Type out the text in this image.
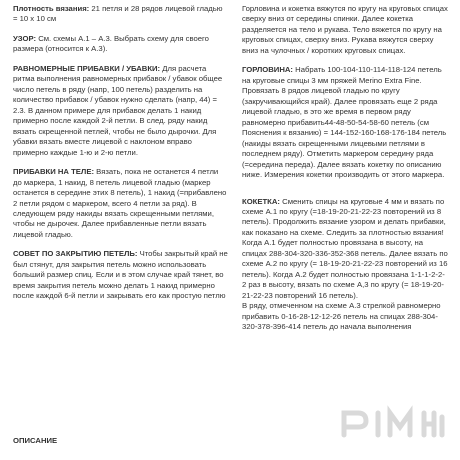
Плотность вязания: 21 петля и 28 рядов лицевой гладью = 10 х 10 см

УЗОР: См. схемы А.1 – А.3. Выбрать схему для своего размера (относится к А.3).

РАВНОМЕРНЫЕ ПРИБАВКИ / УБАВКИ: Для расчета ритма выполнения равномерных прибавок / убавок общее число петель в ряду (напр, 100 петель) разделить на количество прибавок / убавок нужно сделать (напр, 44) = 2.3. В данном примере для прибавок делать 1 накид примерно после каждой 2-й петли. В след. ряду накид вязать скрещенной петлей, чтобы не было дырочки. Для убавки вязать вместе лицевой с наклоном вправо примерно каждые 1-ю и 2-ю петли.

ПРИБАВКИ НА ТЕЛЕ: Вязать, пока не останется 4 петли до маркера, 1 накид, 8 петель лицевой гладью (маркер останется в середине этих 8 петель), 1 накид (=прибавлено 2 петли рядом с маркером, всего 4 петли за ряд). В следующем ряду накиды вязать скрещенными петлями, чтобы не дырочек. Далее прибавленные петли вязать лицевой гладью.

СОВЕТ ПО ЗАКРЫТИЮ ПЕТЕЛЬ: Чтобы закрытый край не был стянут, для закрытия петель можно использовать больший размер спиц. Если и в этом случае край тянет, во время закрытия петель можно делать 1 накид примерно после каждой 6-й петли и закрывать его как простую петлю

ОПИСАНИЕ

Горловина и кокетка вяжутся по кругу на круговых спицах сверху вниз от середины спинки. Далее кокетка разделяется на тело и рукава. Тело вяжется по кругу на круговых спицах, сверху вниз. Рукава вяжутся сверху вниз на чулочных / коротких круговых спицах.

ГОРЛОВИНА: Набрать 100-104-110-114-118-124 петель на круговые спицы 3 мм пряжей Merino Extra Fine. Провязать 8 рядов лицевой гладью по кругу (закручивающийся край). Далее провязать еще 2 ряда лицевой гладью, в это же время в первом ряду равномерно прибавить44-48-50-54-58-60 петель (см Пояснения к вязанию) = 144-152-160-168-176-184 петель (накиды вязать скрещенными лицевыми петлями в последнем ряду). Отметить маркером середину ряда (=середина переда). Далее вязать кокетку по описанию ниже. Измерения кокетки производить от этого маркера.

КОКЕТКА: Сменить спицы на круговые 4 мм и вязать по схеме А.1 по кругу (=18-19-20-21-22-23 повторений из 8 петель). Продолжить вязание узором и делать прибавки, как показано на схеме. Следить за плотностью вязания! Когда А.1 будет полностью провязана в высоту, на спицах 288-304-320-336-352-368 петель. Далее вязать по схеме А.2 по кругу (= 18-19-20-21-22-23 повторений из 16 петель). Когда А.2 будет полностью провязана 1-1-1-2-2-2 раз в высоту, вязать по схеме А,3 по кругу (= 18-19-20-21-22-23 повторений 16 петель).

В ряду, отмеченном на схеме А.3 стрелкой равномерно прибавить 0-16-28-12-12-26 петель на спицах 288-304-320-378-396-414 петель до начала выполнения
